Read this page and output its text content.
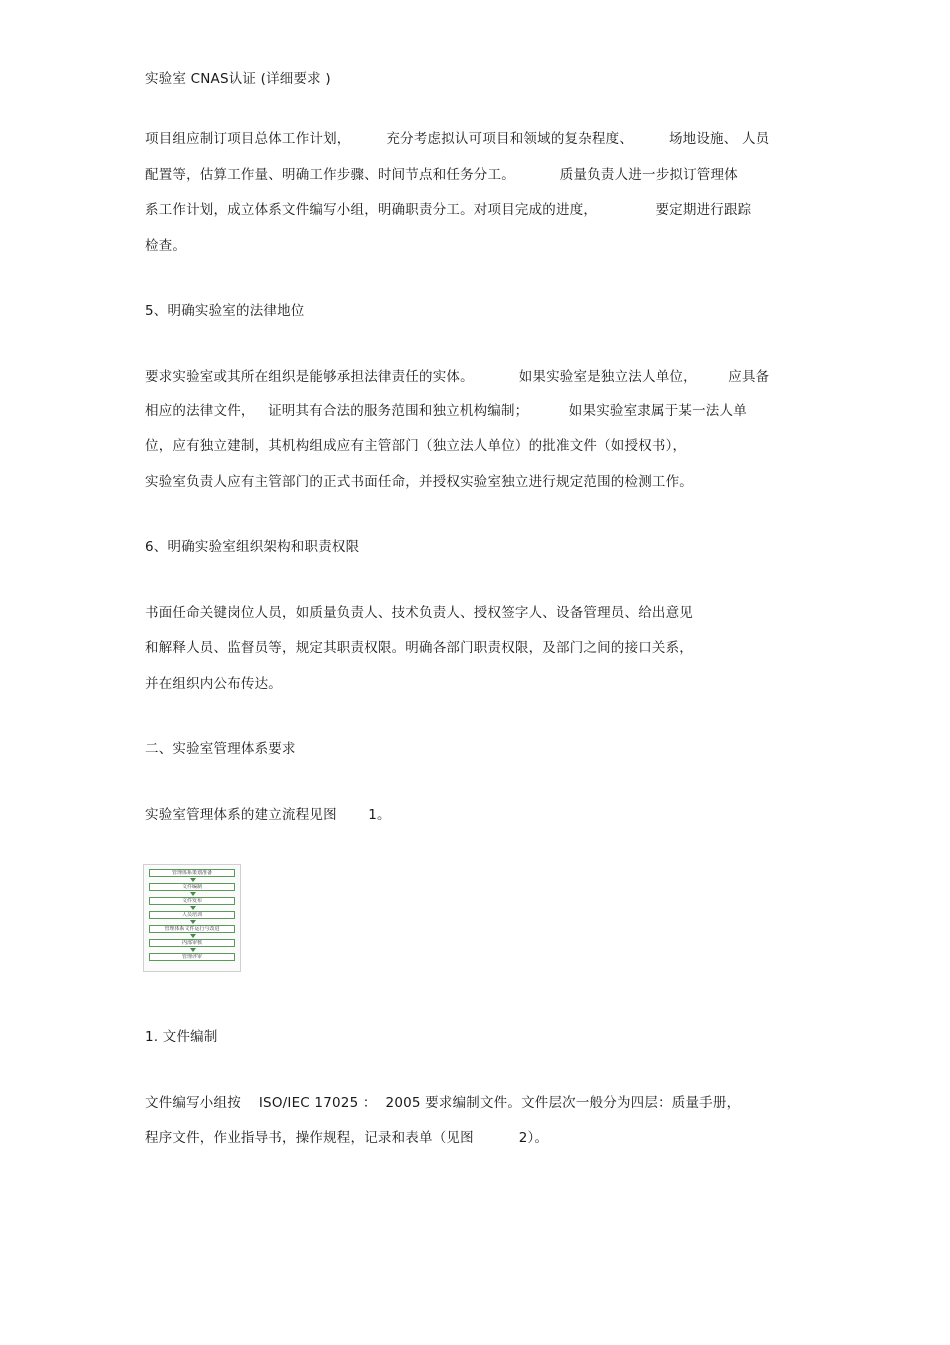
实验室 CNAS认证 (详细要求 )
项目组应制订项目总体工作计划，        充分考虑拟认可项目和领域的复杂程度、        场地设施、 人员
配置等，估算工作量、明确工作步骤、时间节点和任务分工。          质量负责人进一步拟订管理体
系工作计划，成立体系文件编写小组，明确职责分工。对项目完成的进度，             要定期进行跟踪
检查。
5、明确实验室的法律地位
要求实验室或其所在组织是能够承担法律责任的实体。          如果实验室是独立法人单位，       应具备
相应的法律文件，   证明其有合法的服务范围和独立机构编制；         如果实验室隶属于某一法人单
位，应有独立建制，其机构组成应有主管部门（独立法人单位）的批准文件（如授权书），
实验室负责人应有主管部门的正式书面任命，并授权实验室独立进行规定范围的检测工作。
6、明确实验室组织架构和职责权限
书面任命关键岗位人员，如质量负责人、技术负责人、授权签字人、设备管理员、给出意见
和解释人员、监督员等，规定其职责权限。明确各部门职责权限，及部门之间的接口关系，
并在组织内公布传达。
二、实验室管理体系要求
实验室管理体系的建立流程见图       1。
管理体系策划准备
文件编制
文件发布
人员培训
管理体系文件运行与改进
内部审核
管理评审
1. 文件编制
文件编写小组按    ISO/IEC 17025 ：  2005 要求编制文件。文件层次一般分为四层：质量手册，
程序文件，作业指导书，操作规程，记录和表单（见图          2）。
